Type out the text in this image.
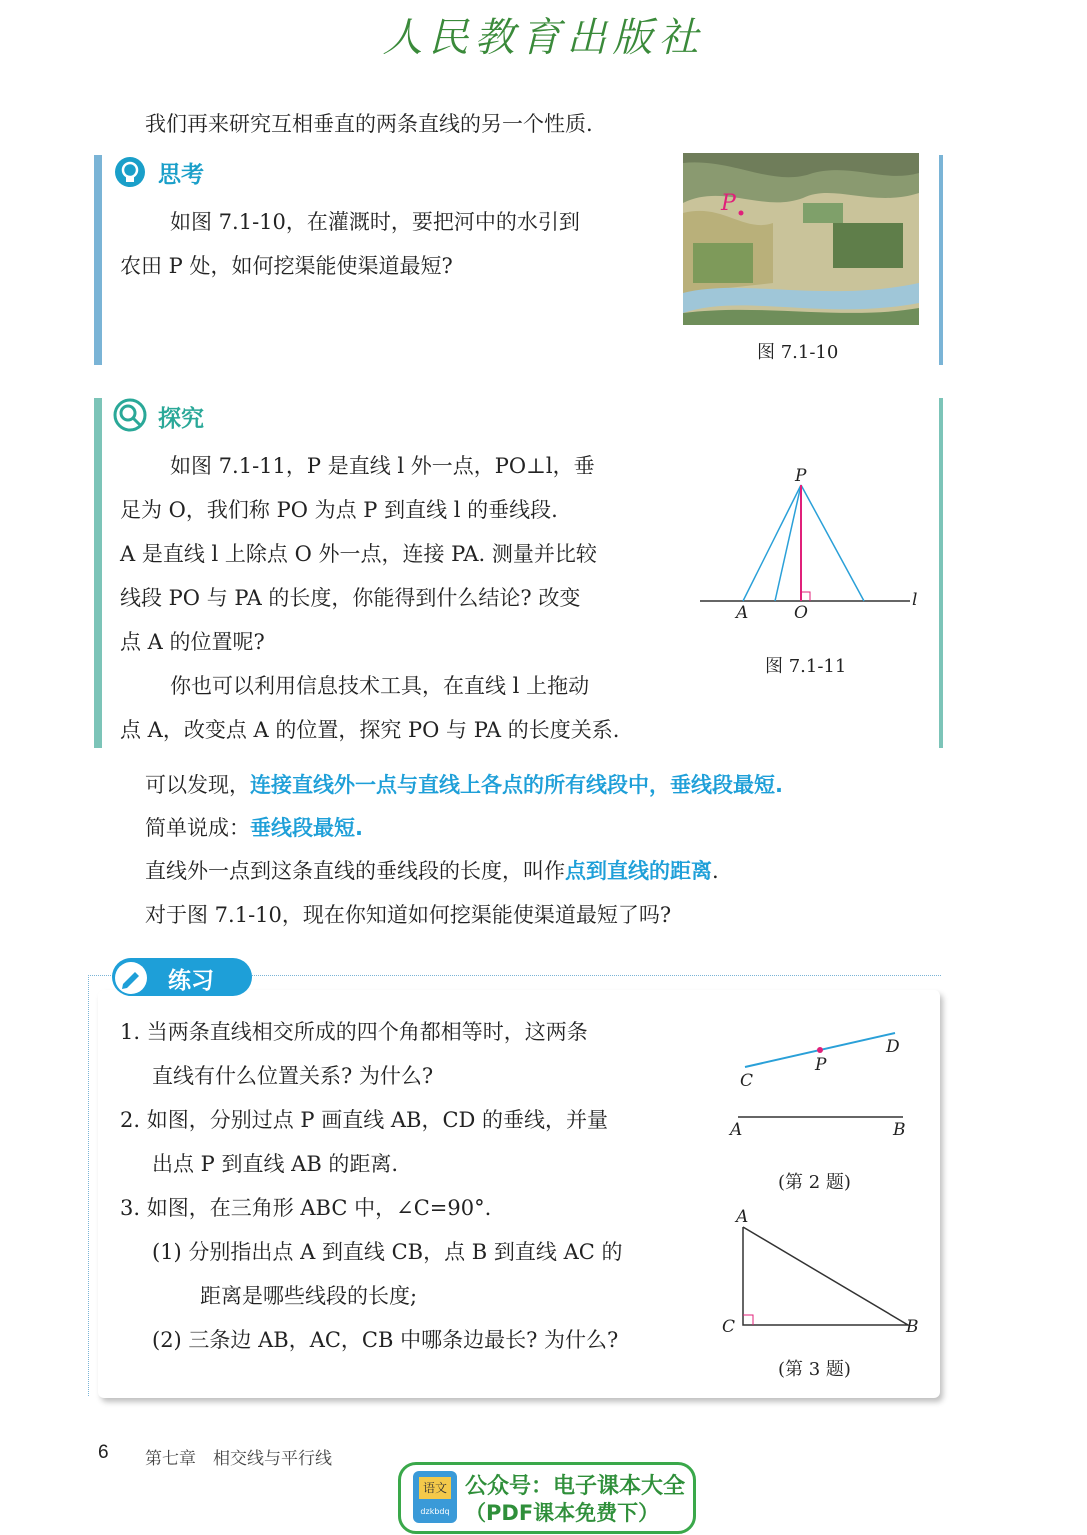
人民教育出版社
我们再来研究互相垂直的两条直线的另一个性质.
思考
如图 7.1-10，在灌溉时，要把河中的水引到
农田 P 处，如何挖渠能使渠道最短?
P
图 7.1-10
探究
如图 7.1-11，P 是直线 l 外一点，PO⊥l，垂
足为 O，我们称 PO 为点 P 到直线 l 的垂线段.
A 是直线 l 上除点 O 外一点，连接 PA. 测量并比较
线段 PO 与 PA 的长度，你能得到什么结论? 改变
点 A 的位置呢?
你也可以利用信息技术工具，在直线 l 上拖动
点 A，改变点 A 的位置，探究 PO 与 PA 的长度关系.
P
A	O
l
图 7.1-11
可以发现，连接直线外一点与直线上各点的所有线段中，垂线段最短.
简单说成：垂线段最短.
直线外一点到这条直线的垂线段的长度，叫作点到直线的距离.
对于图 7.1-10，现在你知道如何挖渠能使渠道最短了吗?
练习
1. 当两条直线相交所成的四个角都相等时，这两条
直线有什么位置关系? 为什么?
2. 如图，分别过点 P 画直线 AB，CD 的垂线，并量
出点 P 到直线 AB 的距离.
3. 如图，在三角形 ABC 中，∠C=90°.
(1) 分别指出点 A 到直线 CB，点 B 到直线 AC 的
距离是哪些线段的长度;
(2) 三条边 AB，AC，CB 中哪条边最长? 为什么?
C
P
D
A	B
(第 2 题)
A
C	B
(第 3 题)
6 第七章　相交线与平行线
语文
dzkbdq
公众号：电子课本大全
（PDF课本免费下）
